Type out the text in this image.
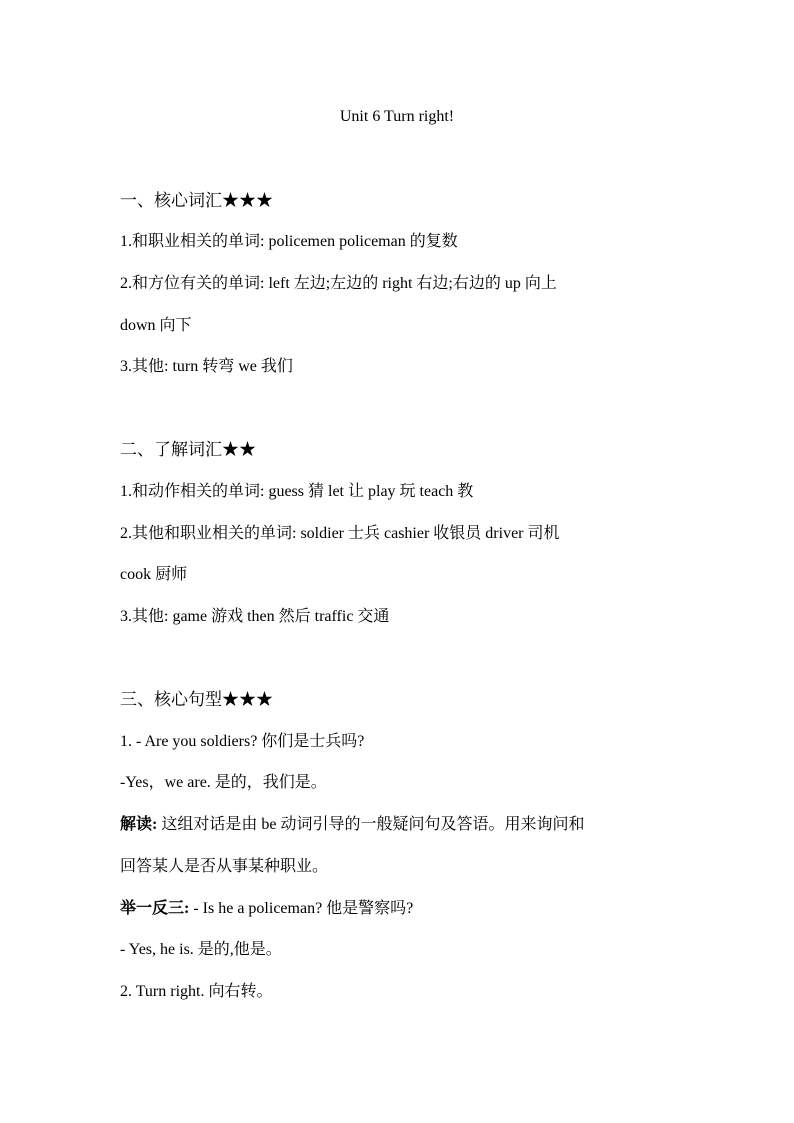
Unit 6 Turn right!
一、核心词汇★★★
1.和职业相关的单词: policemen policeman 的复数
2.和方位有关的单词: left 左边;左边的 right 右边;右边的 up 向上
down 向下
3.其他: turn 转弯 we 我们
二、了解词汇★★
1.和动作相关的单词: guess 猜 let 让 play 玩 teach 教
2.其他和职业相关的单词: soldier 士兵 cashier 收银员 driver 司机
cook 厨师
3.其他: game 游戏 then 然后 traffic 交通
三、核心句型★★★
1. - Are you soldiers? 你们是士兵吗?
-Yes，we are. 是的，我们是。
解读: 这组对话是由 be 动词引导的一般疑问句及答语。用来询问和
回答某人是否从事某种职业。
举一反三: - Is he a policeman? 他是警察吗?
- Yes, he is. 是的,他是。
2. Turn right. 向右转。
